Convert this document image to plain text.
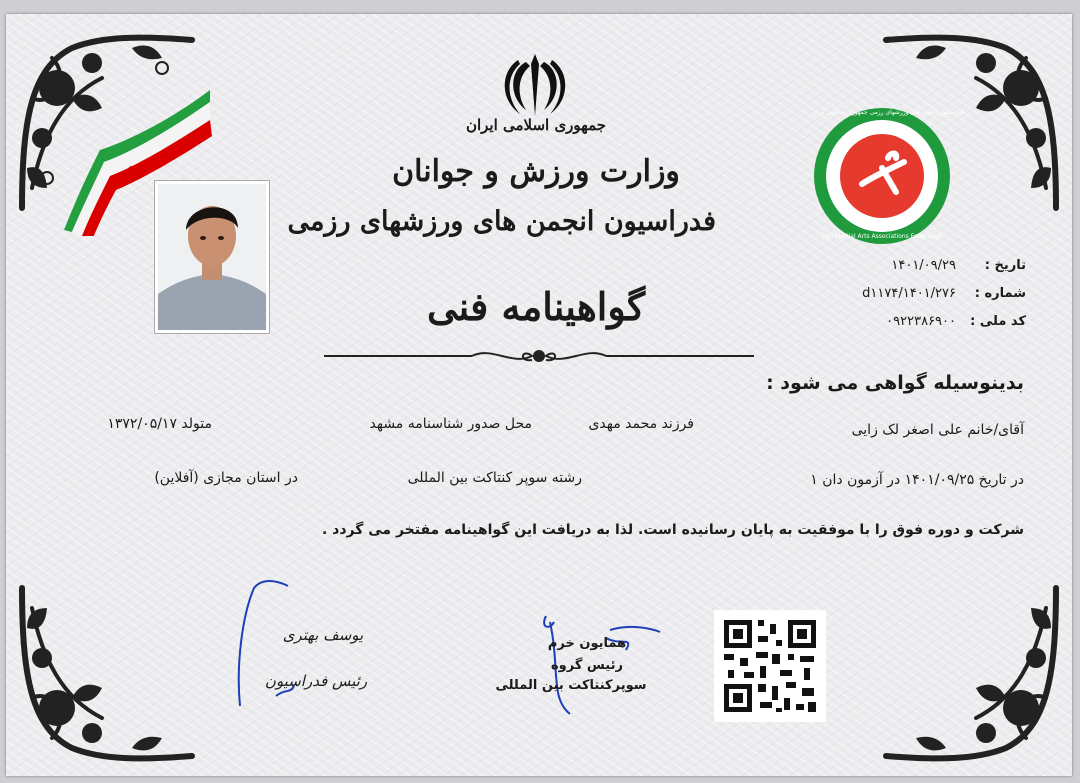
جمهوری اسلامی ایران
وزارت ورزش و جوانان
فدراسیون انجمن های ورزشهای رزمی
فدراسیون انجمن های ورزشهای رزمی جمهوری اسلامی ایران
Iran Martial Arts Associations Federation
تاریخ :
۱۴۰۱/۰۹/۲۹
شماره :
۱۴۰۱/۲۷۶/d۱۱۷۴
کد ملی :
۰۹۲۲۳۸۶۹۰۰
گواهینامه فنی
بدینوسیله گواهی می شود :
آقای/خانم علی اصغر لک زایی
فرزند محمد مهدی
محل صدور شناسنامه مشهد
متولد ۱۳۷۲/۰۵/۱۷
در تاریخ ۱۴۰۱/۰۹/۲۵ در آزمون دان ۱
رشته سوپر کنتاکت بین المللی
در استان مجازی (آفلاین)
شرکت و دوره فوق را با موفقیت به پایان رسانیده است. لذا به دریافت این گواهینامه مفتخر می گردد .
یوسف بهتری
رئیس فدراسیون
همایون خرم
رئیس گروه
سوپرکنتاکت بین المللی
